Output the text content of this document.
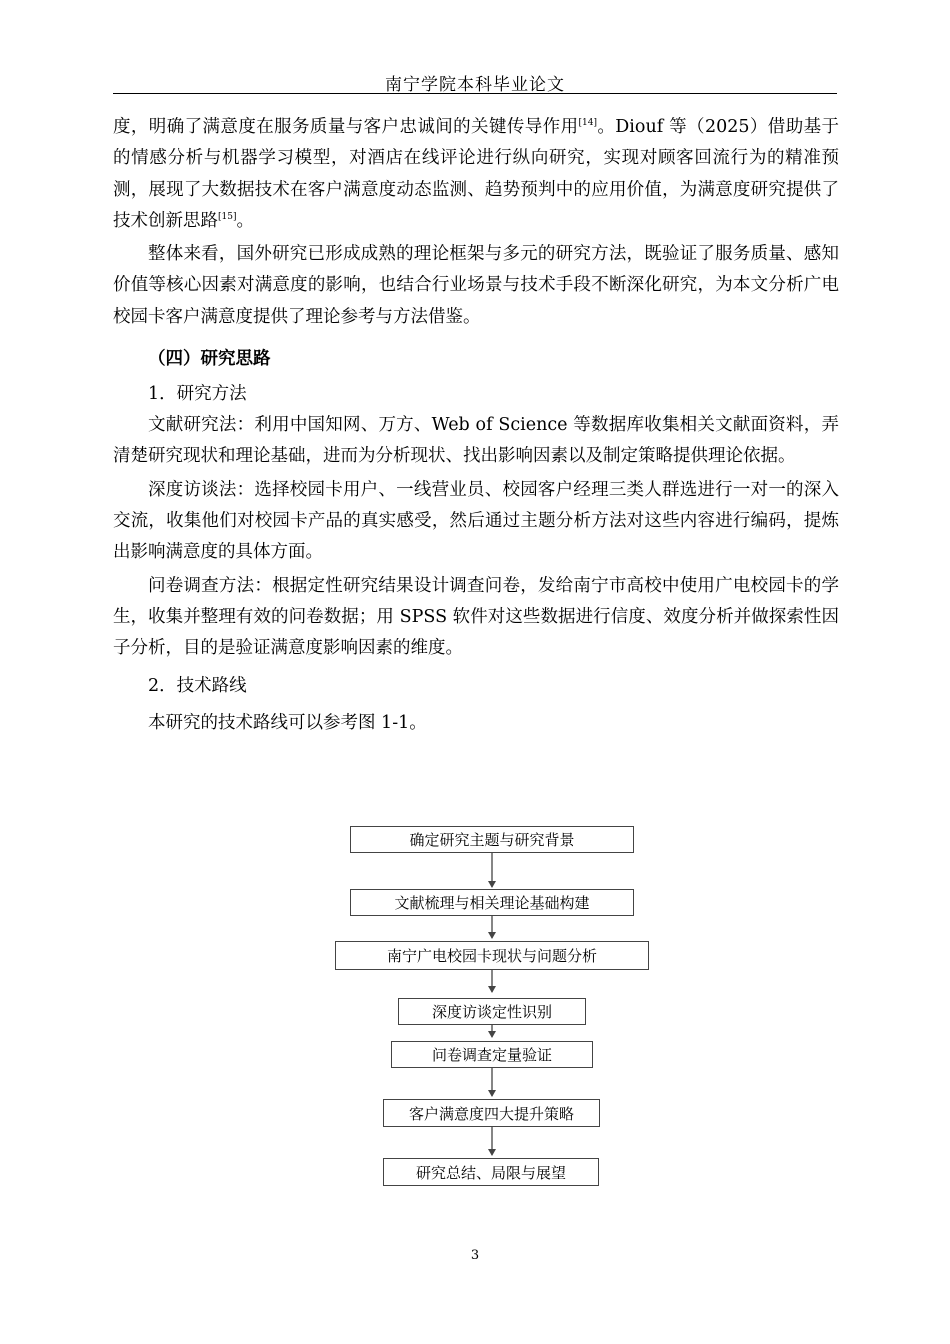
南宁学院本科毕业论文

度，明确了满意度在服务质量与客户忠诚间的关键传导作用[14]。Diouf 等（2025）借助基于的情感分析与机器学习模型，对酒店在线评论进行纵向研究，实现对顾客回流行为的精准预测，展现了大数据技术在客户满意度动态监测、趋势预判中的应用价值，为满意度研究提供了技术创新思路[15]。

整体来看，国外研究已形成成熟的理论框架与多元的研究方法，既验证了服务质量、感知价值等核心因素对满意度的影响，也结合行业场景与技术手段不断深化研究，为本文分析广电校园卡客户满意度提供了理论参考与方法借鉴。

（四）研究思路
1．研究方法

文献研究法：利用中国知网、万方、Web of Science 等数据库收集相关文献面资料，弄清楚研究现状和理论基础，进而为分析现状、找出影响因素以及制定策略提供理论依据。

深度访谈法：选择校园卡用户、一线营业员、校园客户经理三类人群选进行一对一的深入交流，收集他们对校园卡产品的真实感受，然后通过主题分析方法对这些内容进行编码，提炼出影响满意度的具体方面。

问卷调查方法：根据定性研究结果设计调查问卷，发给南宁市高校中使用广电校园卡的学生，收集并整理有效的问卷数据；用 SPSS 软件对这些数据进行信度、效度分析并做探索性因子分析，目的是验证满意度影响因素的维度。

2．技术路线

本研究的技术路线可以参考图 1-1。

确定研究主题与研究背景
文献梳理与相关理论基础构建
南宁广电校园卡现状与问题分析
深度访谈定性识别
问卷调查定量验证
客户满意度四大提升策略
研究总结、局限与展望
3
